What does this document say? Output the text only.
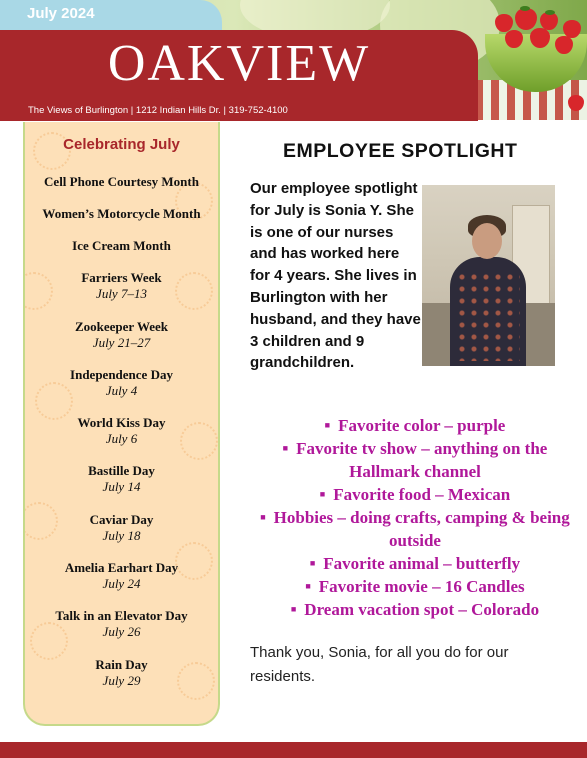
July 2024
OAKVIEW
The Views of Burlington | 1212 Indian Hills Dr. | 319-752-4100
Celebrating July
Cell Phone Courtesy Month
Women’s Motorcycle Month
Ice Cream Month
Farriers Week
July 7–13
Zookeeper Week
July 21–27
Independence Day
July 4
World Kiss Day
July 6
Bastille Day
July 14
Caviar Day
July 18
Amelia Earhart Day
July 24
Talk in an Elevator Day
July 26
Rain Day
July 29
EMPLOYEE SPOTLIGHT
Our employee spotlight for July is Sonia Y. She is one of our nurses and has worked here for 4 years. She lives in Burlington with her husband, and they have 3 children and 9 grandchildren.
■ Favorite color – purple
■ Favorite tv show – anything on the Hallmark channel
■ Favorite food – Mexican
■ Hobbies – doing crafts, camping & being outside
■ Favorite animal – butterfly
■ Favorite movie – 16 Candles
■ Dream vacation spot – Colorado
Thank you, Sonia, for all you do for our residents.
